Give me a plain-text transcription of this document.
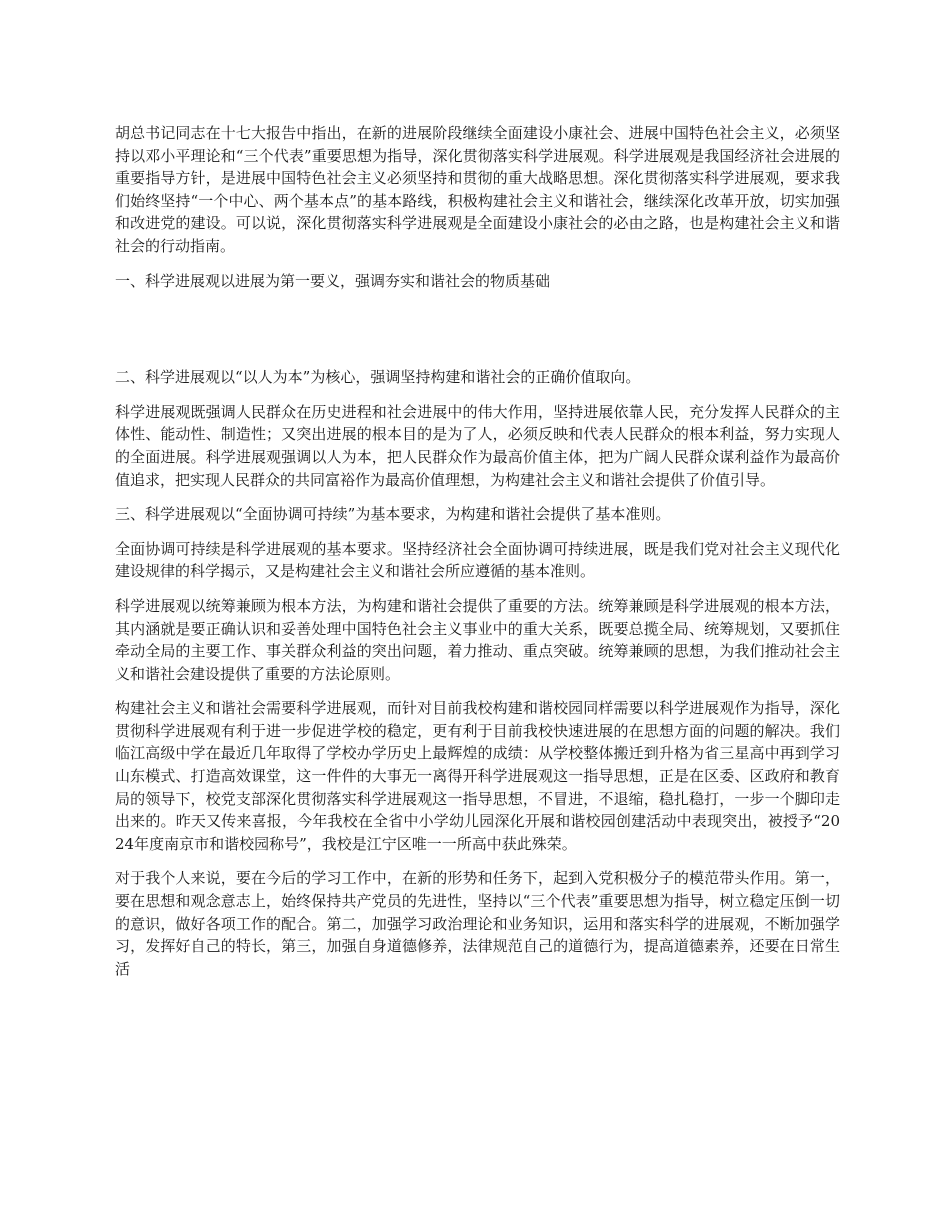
胡总书记同志在十七大报告中指出，在新的进展阶段继续全面建设小康社会、进展中国特色社会主义，必须坚持以邓小平理论和“三个代表”重要思想为指导，深化贯彻落实科学进展观。科学进展观是我国经济社会进展的重要指导方针，是进展中国特色社会主义必须坚持和贯彻的重大战略思想。深化贯彻落实科学进展观，要求我们始终坚持“一个中心、两个基本点”的基本路线，积极构建社会主义和谐社会，继续深化改革开放，切实加强和改进党的建设。可以说，深化贯彻落实科学进展观是全面建设小康社会的必由之路，也是构建社会主义和谐社会的行动指南。

一、科学进展观以进展为第一要义，强调夯实和谐社会的物质基础

二、科学进展观以“以人为本”为核心，强调坚持构建和谐社会的正确价值取向。

科学进展观既强调人民群众在历史进程和社会进展中的伟大作用，坚持进展依靠人民，充分发挥人民群众的主体性、能动性、制造性；又突出进展的根本目的是为了人，必须反映和代表人民群众的根本利益，努力实现人的全面进展。科学进展观强调以人为本，把人民群众作为最高价值主体，把为广阔人民群众谋利益作为最高价值追求，把实现人民群众的共同富裕作为最高价值理想，为构建社会主义和谐社会提供了价值引导。

三、科学进展观以“全面协调可持续”为基本要求，为构建和谐社会提供了基本准则。

全面协调可持续是科学进展观的基本要求。坚持经济社会全面协调可持续进展，既是我们党对社会主义现代化建设规律的科学揭示，又是构建社会主义和谐社会所应遵循的基本准则。

科学进展观以统筹兼顾为根本方法，为构建和谐社会提供了重要的方法。统筹兼顾是科学进展观的根本方法，其内涵就是要正确认识和妥善处理中国特色社会主义事业中的重大关系，既要总揽全局、统筹规划，又要抓住牵动全局的主要工作、事关群众利益的突出问题，着力推动、重点突破。统筹兼顾的思想，为我们推动社会主义和谐社会建设提供了重要的方法论原则。

构建社会主义和谐社会需要科学进展观，而针对目前我校构建和谐校园同样需要以科学进展观作为指导，深化贯彻科学进展观有利于进一步促进学校的稳定，更有利于目前我校快速进展的在思想方面的问题的解决。我们临江高级中学在最近几年取得了学校办学历史上最辉煌的成绩：从学校整体搬迁到升格为省三星高中再到学习山东模式、打造高效课堂，这一件件的大事无一离得开科学进展观这一指导思想，正是在区委、区政府和教育局的领导下，校党支部深化贯彻落实科学进展观这一指导思想，不冒进，不退缩，稳扎稳打，一步一个脚印走出来的。昨天又传来喜报，今年我校在全省中小学幼儿园深化开展和谐校园创建活动中表现突出，被授予“2024年度南京市和谐校园称号”，我校是江宁区唯一一所高中获此殊荣。

对于我个人来说，要在今后的学习工作中，在新的形势和任务下，起到入党积极分子的模范带头作用。第一，要在思想和观念意志上，始终保持共产党员的先进性，坚持以“三个代表”重要思想为指导，树立稳定压倒一切的意识，做好各项工作的配合。第二，加强学习政治理论和业务知识，运用和落实科学的进展观，不断加强学习，发挥好自己的特长，第三，加强自身道德修养，法律规范自己的道德行为，提高道德素养，还要在日常生活
